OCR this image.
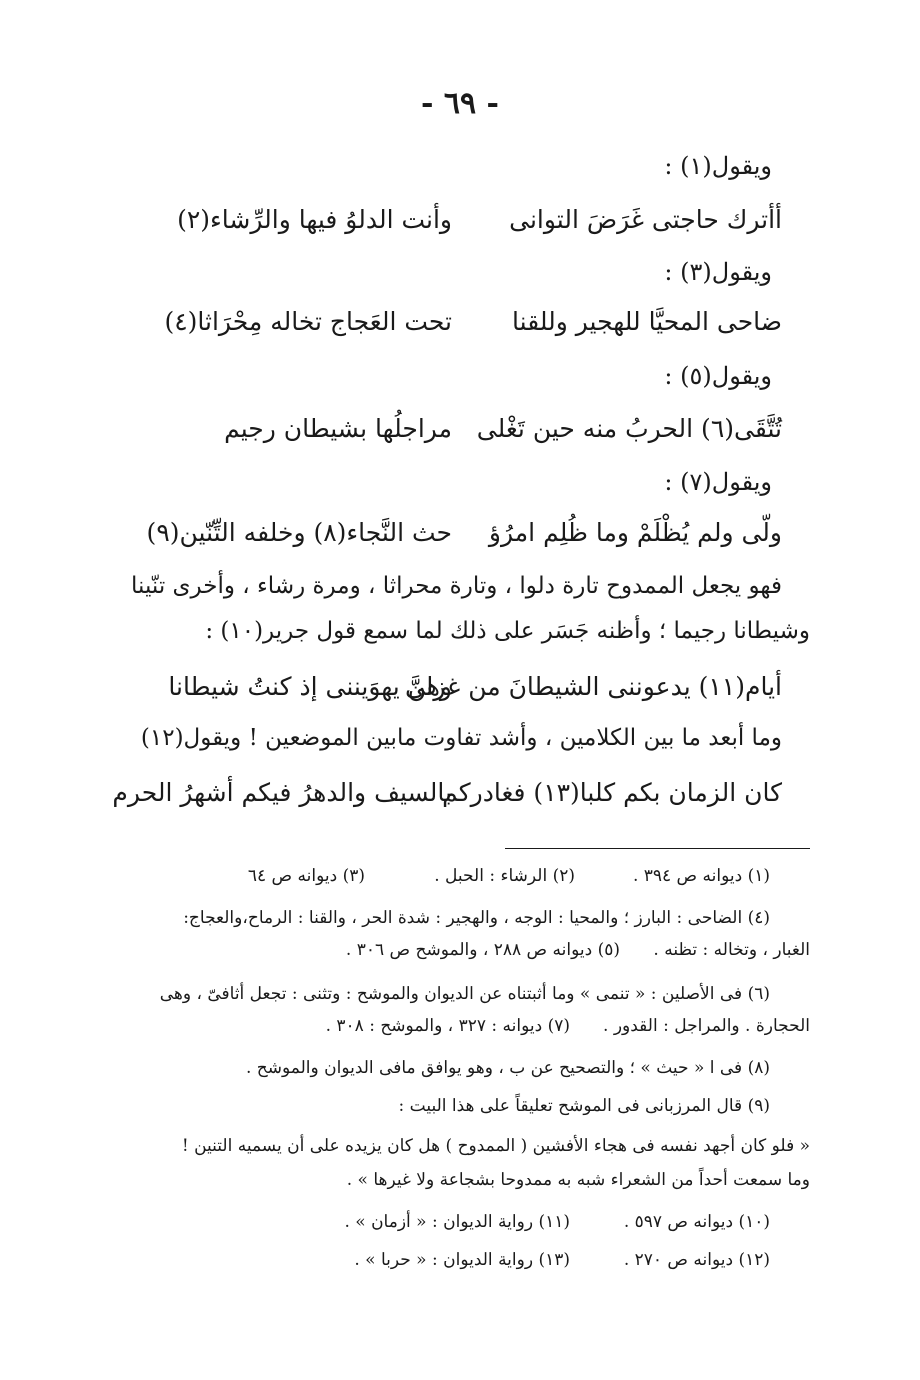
- ٦٩ -
ويقول(١) :
أأترك حاجتى غَرَضَ التوانى
وأنت الدلوُ فيها والرِّشاء(٢)
ويقول(٣) :
ضاحى المحيَّا للهجير وللقنا
تحت العَجاج تخاله مِحْرَاثا(٤)
ويقول(٥) :
تُتَّقَى(٦) الحربُ منه حين تَغْلى
مراجلُها بشيطان رجيم
ويقول(٧) :
ولّى ولم يُظْلَمْ وما ظُلِم امرُؤ
حث النَّجاء(٨) وخلفه التِّنّين(٩)
فهو يجعل الممدوح تارة دلوا ، وتارة محراثا ، ومرة رشاء ، وأخرى تنّينا
وشيطانا رجيما ؛ وأظنه جَسَر على ذلك لما سمع قول جرير(١٠) :
أيام(١١) يدعوننى الشيطانَ من غزلى
وهنَّ يهوَيننى إذ كنتُ شيطانا
وما أبعد ما بين الكلامين ، وأشد تفاوت مابين الموضعين ! ويقول(١٢)
كان الزمان بكم كلبا(١٣) فغادركم
بالسيف والدهرُ فيكم أشهرُ الحرم
(١) ديوانه ص ٣٩٤ .
(٢) الرشاء : الحبل .
(٣) ديوانه ص ٦٤
(٤) الضاحى : البارز ؛ والمحيا : الوجه ، والهجير : شدة الحر ، والقنا : الرماح،والعجاج:
الغبار ، وتخاله : تظنه .
(٥) ديوانه ص ٢٨٨ ، والموشح ص ٣٠٦ .
(٦) فى الأصلين : « تنمى » وما أثبتناه عن الديوان والموشح : وتثنى : تجعل أثافىّ ، وهى
الحجارة . والمراجل : القدور .
(٧) ديوانه : ٣٢٧ ، والموشح : ٣٠٨ .
(٨) فى ا « حيث » ؛ والتصحيح عن ب ، وهو يوافق مافى الديوان والموشح .
(٩) قال المرزبانى فى الموشح تعليقاً على هذا البيت :
« فلو كان أجهد نفسه فى هجاء الأفشين ( الممدوح ) هل كان يزيده على أن يسميه التنين !
وما سمعت أحداً من الشعراء شبه به ممدوحا بشجاعة ولا غيرها » .
(١٠) ديوانه ص ٥٩٧ .
(١١) رواية الديوان : « أزمان » .
(١٢) ديوانه ص ٢٧٠ .
(١٣) رواية الديوان : « حربا » .
